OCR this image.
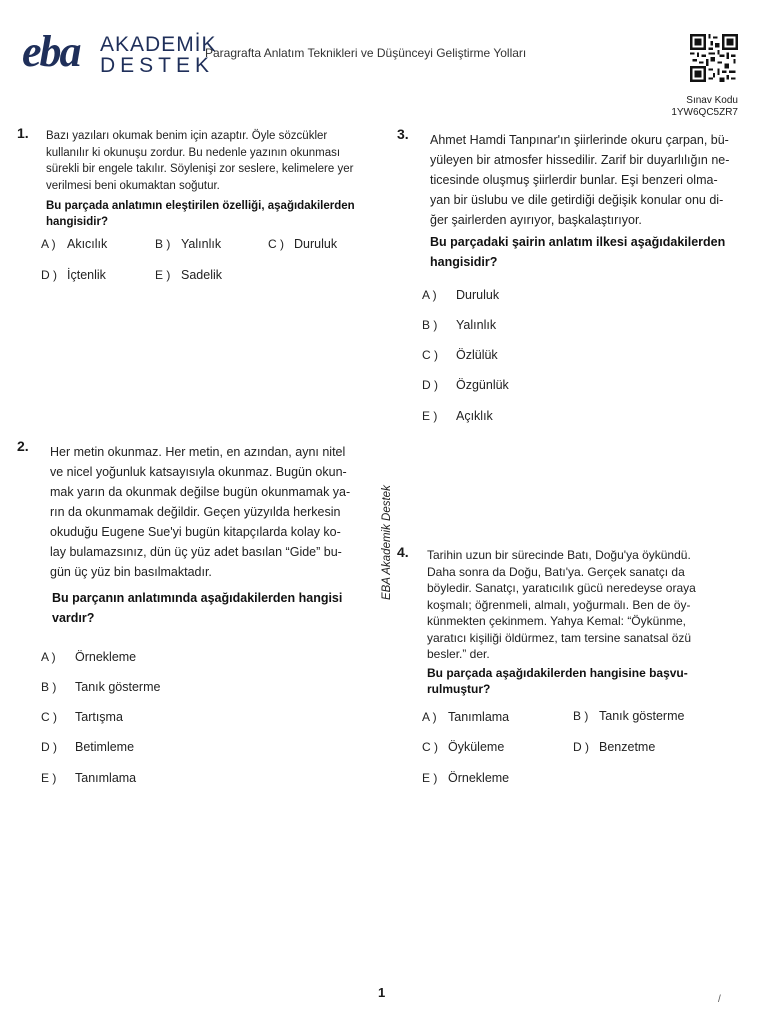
eba AKADEMİK
DESTEK
Paragrafta Anlatım Teknikleri ve Düşünceyi Geliştirme Yolları
Sınav Kodu
1YW6QC5ZR7
1. Bazı yazıları okumak benim için azaptır. Öyle sözcükler
kullanılır ki okunuşu zordur. Bu nedenle yazının okunması
sürekli bir engele takılır. Söylenişi zor seslere, kelimelere yer
verilmesi beni okumaktan soğutur.
Bu parçada anlatımın eleştirilen özelliği, aşağıdakilerden
hangisidir?
A ) Akıcılık	B ) Yalınlık	C ) Duruluk
D ) İçtenlik	E ) Sadelik
2. Her metin okunmaz. Her metin, en azından, aynı nitel
ve nicel yoğunluk katsayısıyla okunmaz. Bugün okun-
mak yarın da okunmak değilse bugün okunmamak ya-
rın da okunmamak değildir. Geçen yüzyılda herkesin
okuduğu Eugene Sue'yi bugün kitapçılarda kolay ko-
lay bulamazsınız, dün üç yüz adet basılan “Gide” bu-
gün üç yüz bin basılmaktadır.
Bu parçanın anlatımında aşağıdakilerden hangisi
vardır?
A ) Örnekleme
B ) Tanık gösterme
C ) Tartışma
D ) Betimleme
E ) Tanımlama
EBA Akademik Destek
3. Ahmet Hamdi Tanpınar'ın şiirlerinde okuru çarpan, bü-
yüleyen bir atmosfer hissedilir. Zarif bir duyarlılığın ne-
ticesinde oluşmuş şiirlerdir bunlar. Eşi benzeri olma-
yan bir üslubu ve dile getirdiği değişik konular onu di-
ğer şairlerden ayırıyor, başkalaştırıyor.
Bu parçadaki şairin anlatım ilkesi aşağıdakilerden
hangisidir?
A ) Duruluk
B ) Yalınlık
C ) Özlülük
D ) Özgünlük
E ) Açıklık
4. Tarihin uzun bir sürecinde Batı, Doğu'ya öykündü.
Daha sonra da Doğu, Batı'ya. Gerçek sanatçı da
böyledir. Sanatçı, yaratıcılık gücü neredeyse oraya
koşmalı; öğrenmeli, almalı, yoğurmalı. Ben de öy-
künmekten çekinmem. Yahya Kemal: “Öykünme,
yaratıcı kişiliği öldürmez, tam tersine sanatsal özü
besler.” der.
Bu parçada aşağıdakilerden hangisine başvu-
rulmuştur?
A ) Tanımlama	B ) Tanık gösterme
C ) Öyküleme	D ) Benzetme
E ) Örnekleme
1	/
